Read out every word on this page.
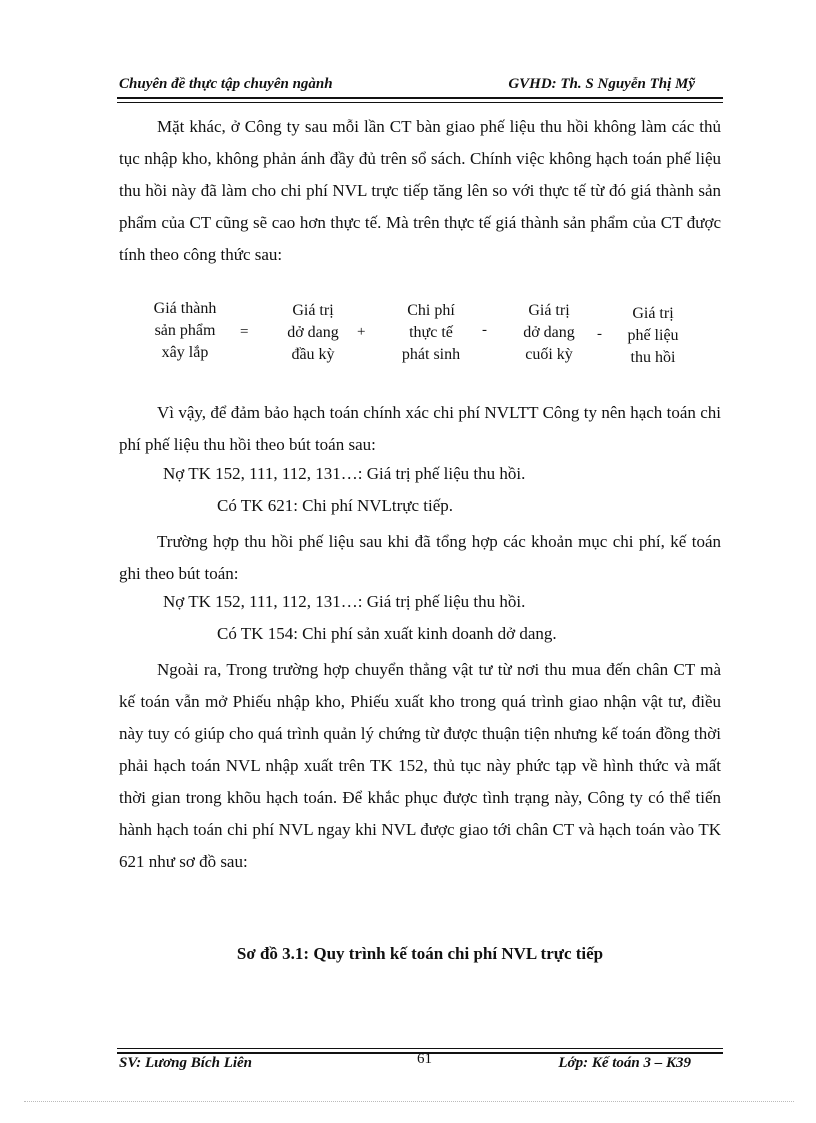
Chuyên đề thực tập chuyên ngành	GVHD: Th. S Nguyễn Thị Mỹ

Mặt khác, ở Công ty sau mỗi lần CT bàn giao phế liệu thu hồi không làm các thủ tục nhập kho, không phản ánh đầy đủ trên sổ sách. Chính việc không hạch toán phế liệu thu hồi này đã làm cho chi phí NVL trực tiếp tăng lên so với thực tế từ đó giá thành sản phẩm của CT cũng sẽ cao hơn thực tế. Mà trên thực tế giá thành sản phẩm của CT được tính theo công thức sau:

Giá thành
sản phẩm
xây lắp
=
Giá trị
dở dang
đầu kỳ
+
Chi phí
thực tế
phát sinh
-
Giá trị
dở dang
cuối kỳ
-
Giá trị
phế liệu
thu hồi

Vì vậy, để đảm bảo hạch toán chính xác chi phí NVLTT Công ty nên hạch toán chi phí phế liệu thu hồi theo bút toán sau:

Nợ TK 152, 111, 112, 131…: Giá trị phế liệu thu hồi.
Có TK 621: Chi phí NVLtrực tiếp.

Trường hợp thu hồi phế liệu sau khi đã tổng hợp các khoản mục chi phí, kế toán ghi theo bút toán:

Nợ TK 152, 111, 112, 131…: Giá trị phế liệu thu hồi.
Có TK 154: Chi phí sản xuất kinh doanh dở dang.

Ngoài ra, Trong trường hợp chuyển thẳng vật tư từ nơi thu mua đến chân CT mà kế toán vẫn mở Phiếu nhập kho, Phiếu xuất kho trong quá trình giao nhận vật tư, điều này tuy có giúp cho quá trình quản lý chứng từ được thuận tiện nhưng kế toán đồng thời phải hạch toán NVL nhập xuất trên TK 152, thủ tục này phức tạp về hình thức và mất thời gian trong khõu hạch toán. Để khắc phục được tình trạng này, Công ty có thể tiến hành hạch toán chi phí NVL ngay khi NVL được giao tới chân CT và hạch toán vào TK 621 như sơ đồ sau:

Sơ đồ 3.1: Quy trình kế toán chi phí NVL trực tiếp
SV: Lương Bích Liên	61	Lớp: Kế toán 3 – K39
